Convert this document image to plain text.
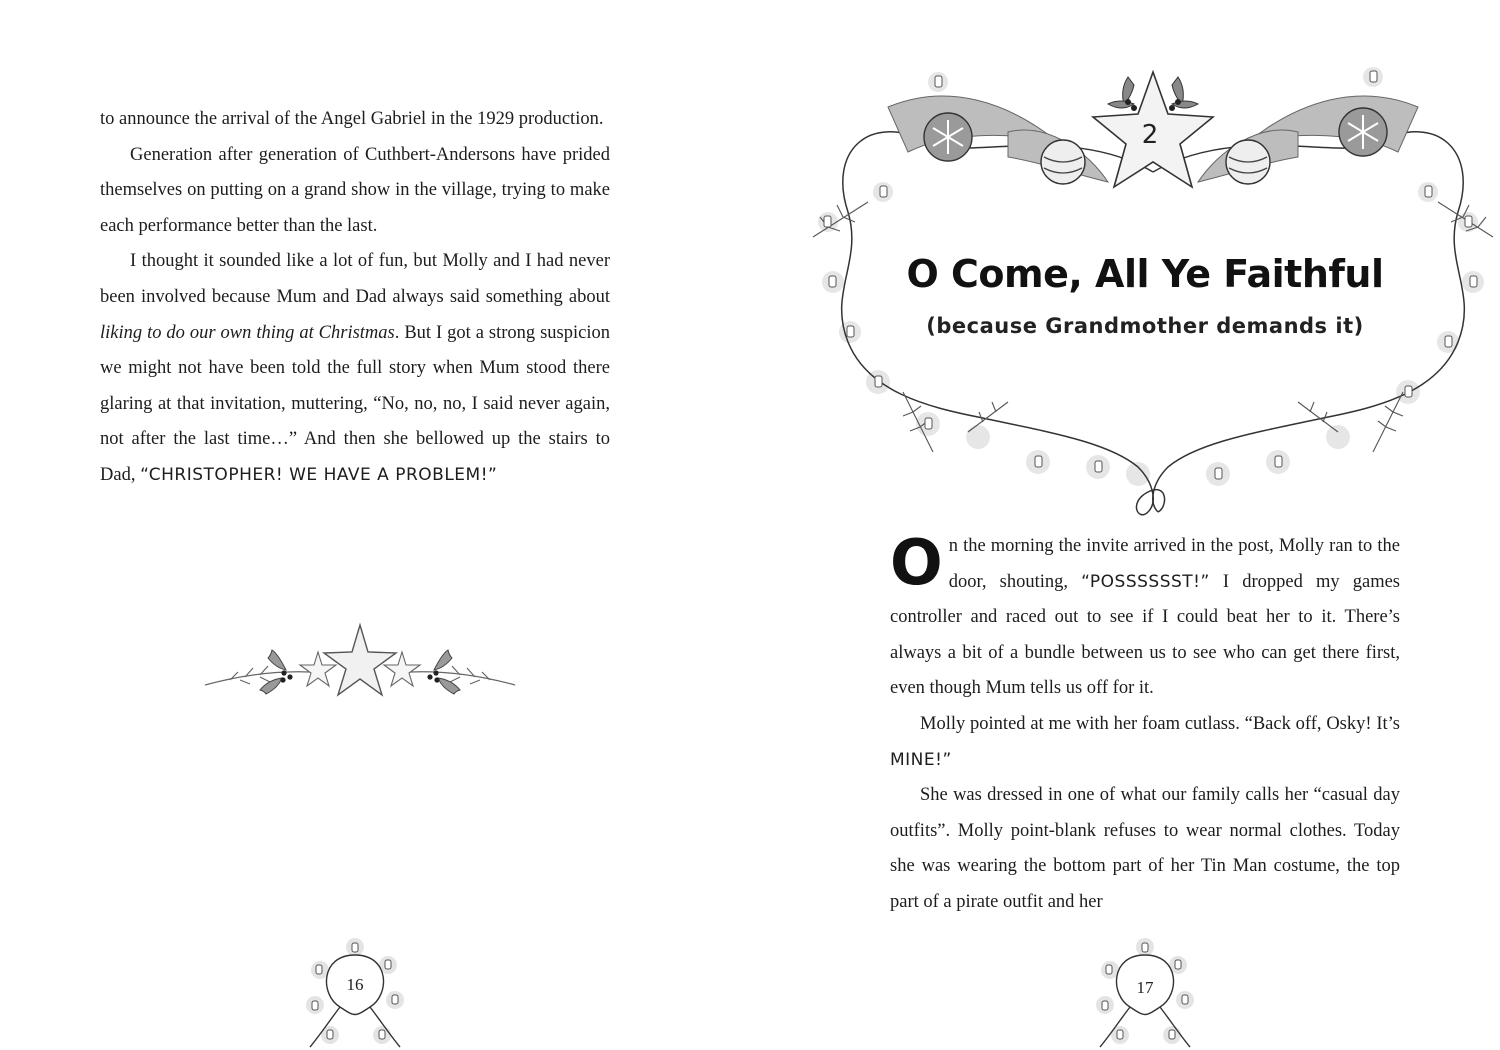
to announce the arrival of the Angel Gabriel in the 1929 production.

Generation after generation of Cuthbert-Andersons have prided themselves on putting on a grand show in the village, trying to make each performance better than the last.

I thought it sounded like a lot of fun, but Molly and I had never been involved because Mum and Dad always said something about liking to do our own thing at Christmas. But I got a strong suspicion we might not have been told the full story when Mum stood there glaring at that invitation, muttering, “No, no, no, I said never again, not after the last time…” And then she bellowed up the stairs to Dad, “CHRISTOPHER! WE HAVE A PROBLEM!”

16
2
O Come, All Ye Faithful
(because Grandmother demands it)

On the morning the invite arrived in the post, Molly ran to the door, shouting, “POSSSSSST!” I dropped my games controller and raced out to see if I could beat her to it. There’s always a bit of a bundle between us to see who can get there first, even though Mum tells us off for it.

Molly pointed at me with her foam cutlass. “Back off, Osky! It’s MINE!”

She was dressed in one of what our family calls her “casual day outfits”. Molly point-blank refuses to wear normal clothes. Today she was wearing the bottom part of her Tin Man costume, the top part of a pirate outfit and her

17
